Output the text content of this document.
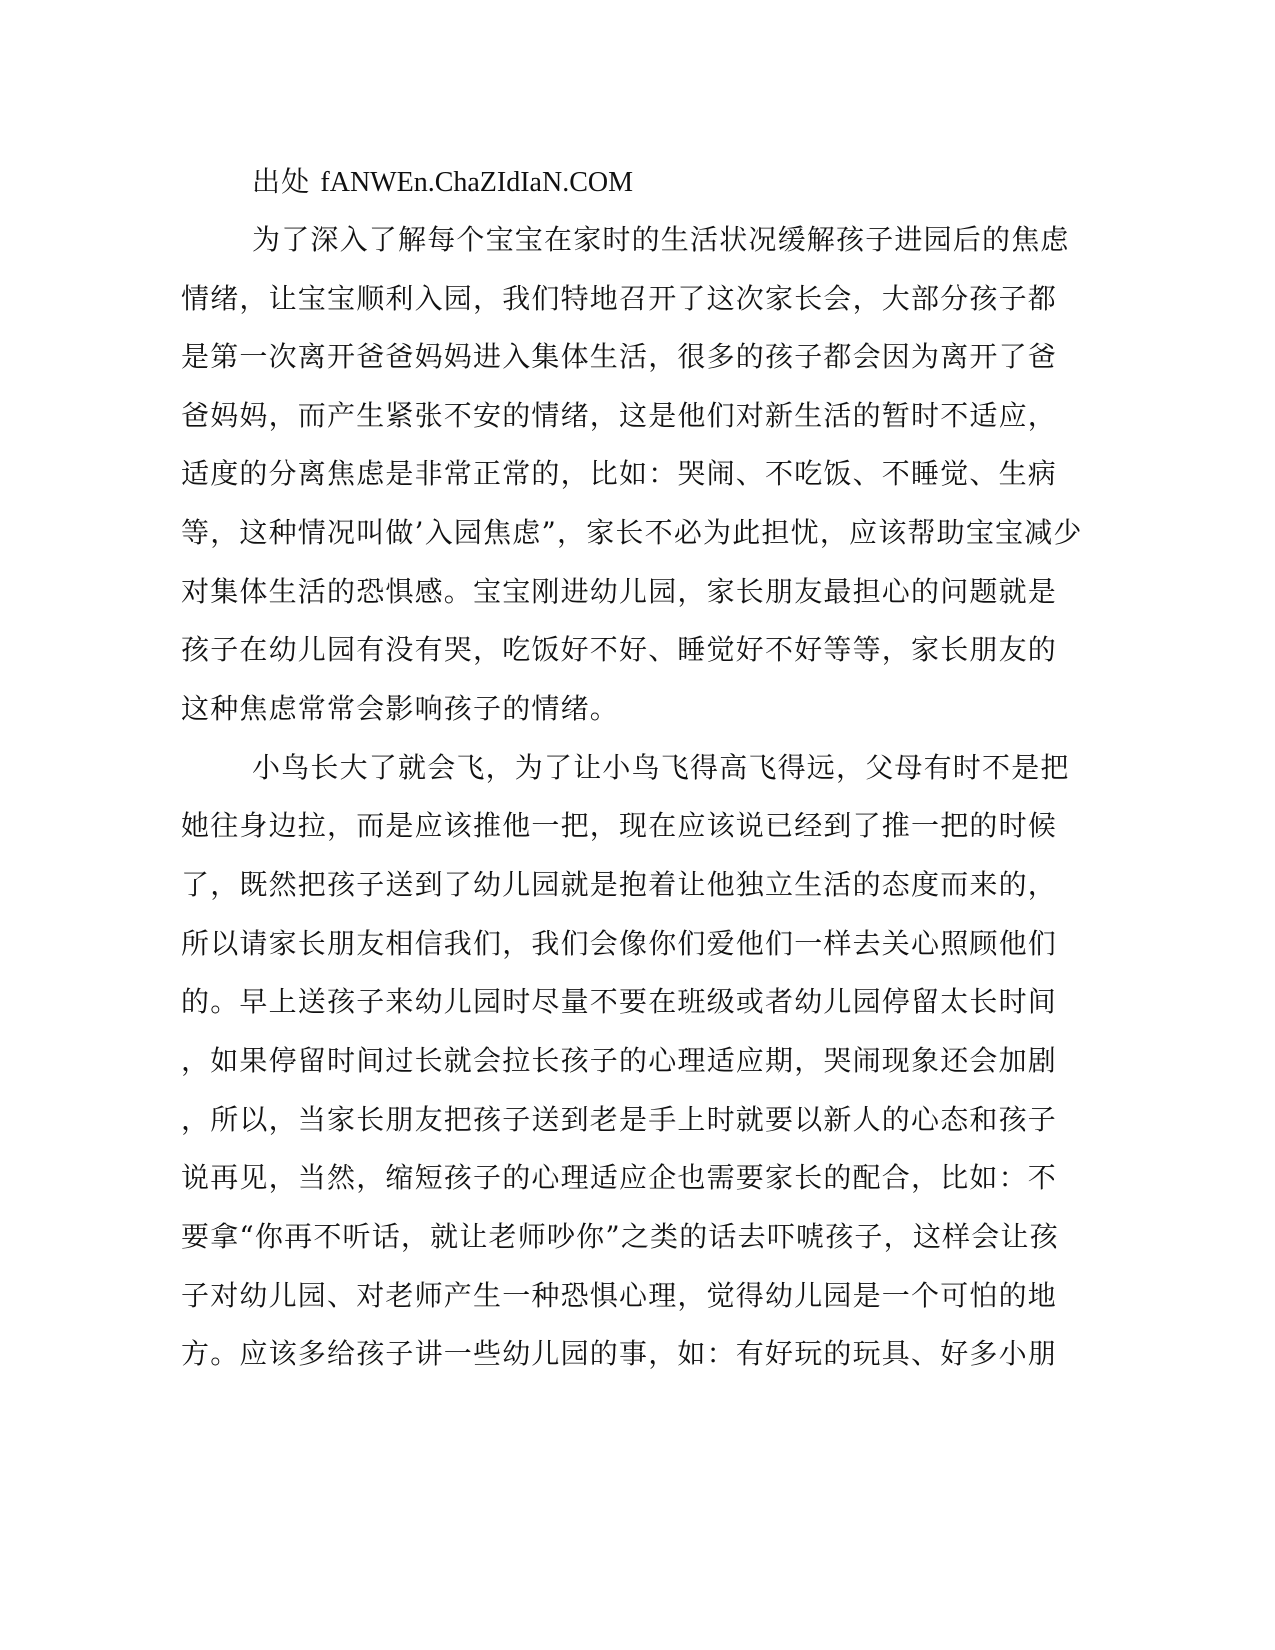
出处 fANWEn.ChaZIdIaN.COM
为了深入了解每个宝宝在家时的生活状况缓解孩子进园后的焦虑
情绪，让宝宝顺利入园，我们特地召开了这次家长会，大部分孩子都
是第一次离开爸爸妈妈进入集体生活，很多的孩子都会因为离开了爸
爸妈妈，而产生紧张不安的情绪，这是他们对新生活的暂时不适应，
适度的分离焦虑是非常正常的，比如：哭闹、不吃饭、不睡觉、生病
等，这种情况叫做’入园焦虑”，家长不必为此担忧，应该帮助宝宝减少
对集体生活的恐惧感。宝宝刚进幼儿园，家长朋友最担心的问题就是
孩子在幼儿园有没有哭，吃饭好不好、睡觉好不好等等，家长朋友的
这种焦虑常常会影响孩子的情绪。
小鸟长大了就会飞，为了让小鸟飞得高飞得远，父母有时不是把
她往身边拉，而是应该推他一把，现在应该说已经到了推一把的时候
了，既然把孩子送到了幼儿园就是抱着让他独立生活的态度而来的，
所以请家长朋友相信我们，我们会像你们爱他们一样去关心照顾他们
的。早上送孩子来幼儿园时尽量不要在班级或者幼儿园停留太长时间
，如果停留时间过长就会拉长孩子的心理适应期，哭闹现象还会加剧
，所以，当家长朋友把孩子送到老是手上时就要以新人的心态和孩子
说再见，当然，缩短孩子的心理适应企也需要家长的配合，比如：不
要拿“你再不听话，就让老师吵你”之类的话去吓唬孩子，这样会让孩
子对幼儿园、对老师产生一种恐惧心理，觉得幼儿园是一个可怕的地
方。应该多给孩子讲一些幼儿园的事，如：有好玩的玩具、好多小朋
